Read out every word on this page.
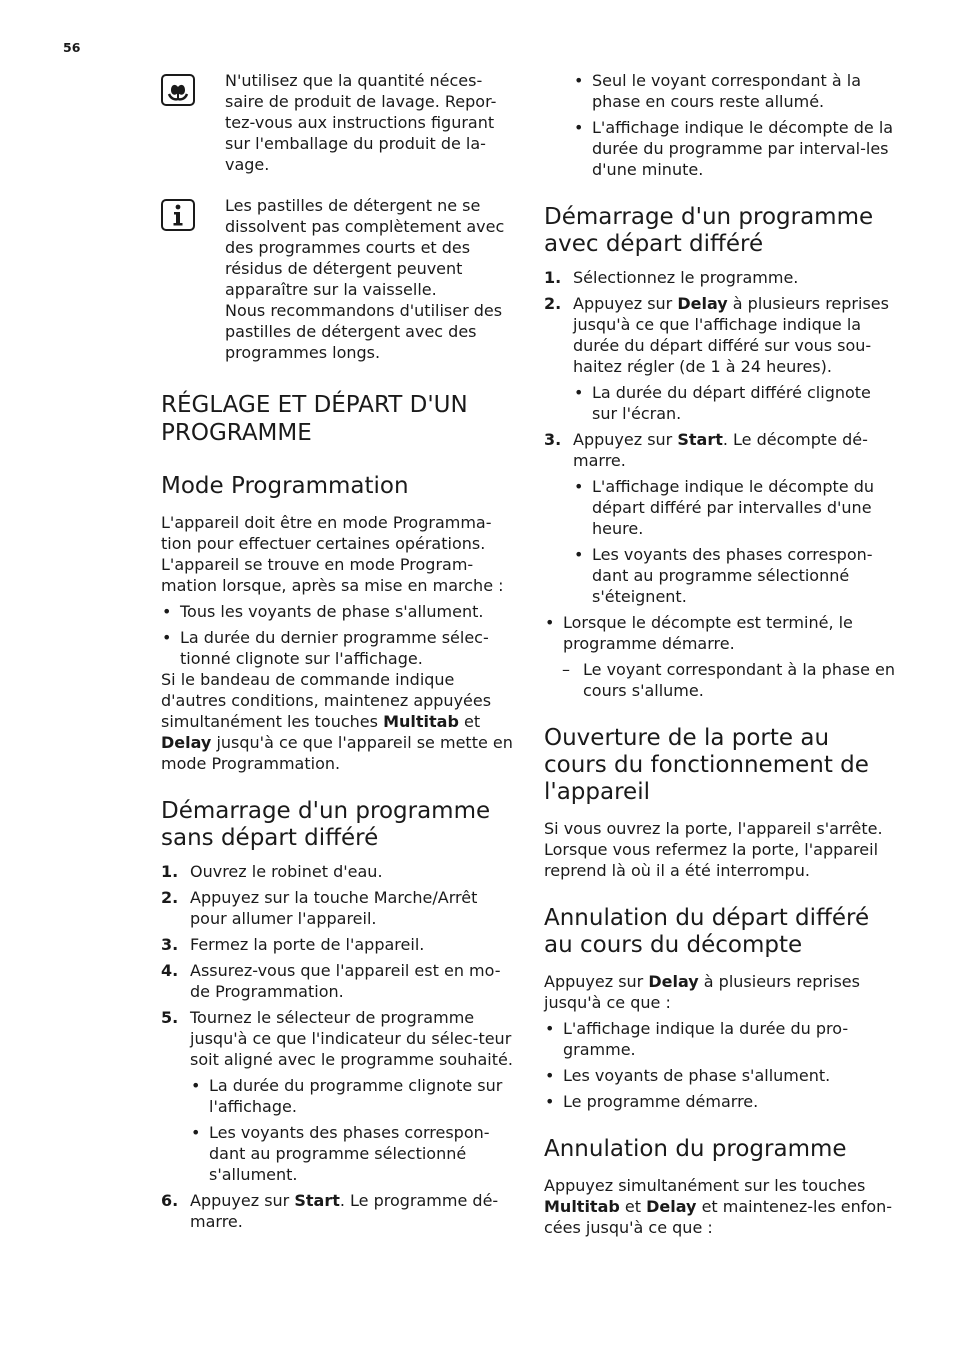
56

N'utilisez que la quantité néces-saire de produit de lavage. Repor-tez-vous aux instructions figurant sur l'emballage du produit de la-vage.

Les pastilles de détergent ne se dissolvent pas complètement avec des programmes courts et des résidus de détergent peuvent apparaître sur la vaisselle.

Nous recommandons d'utiliser des pastilles de détergent avec des programmes longs.

RÉGLAGE ET DÉPART D'UN PROGRAMME
Mode Programmation

L'appareil doit être en mode Programma-tion pour effectuer certaines opérations. L'appareil se trouve en mode Program-mation lorsque, après sa mise en marche :

• Tous les voyants de phase s'allument.
• La durée du dernier programme sélec-tionné clignote sur l'affichage.

Si le bandeau de commande indique d'autres conditions, maintenez appuyées simultanément les touches Multitab et Delay jusqu'à ce que l'appareil se mette en mode Programmation.

Démarrage d'un programme sans départ différé
1. Ouvrez le robinet d'eau.
2. Appuyez sur la touche Marche/Arrêt pour allumer l'appareil.
3. Fermez la porte de l'appareil.
4. Assurez-vous que l'appareil est en mo-de Programmation.
5. Tournez le sélecteur de programme jusqu'à ce que l'indicateur du sélec-teur soit aligné avec le programme souhaité.
• La durée du programme clignote sur l'affichage.
• Les voyants des phases correspon-dant au programme sélectionné s'allument.
6. Appuyez sur Start. Le programme dé-marre.
• Seul le voyant correspondant à la phase en cours reste allumé.
• L'affichage indique le décompte de la durée du programme par interval-les d'une minute.
Démarrage d'un programme avec départ différé
1. Sélectionnez le programme.
2. Appuyez sur Delay à plusieurs reprises jusqu'à ce que l'affichage indique la durée du départ différé sur vous sou-haitez régler (de 1 à 24 heures).
• La durée du départ différé clignote sur l'écran.
3. Appuyez sur Start. Le décompte dé-marre.
• L'affichage indique le décompte du départ différé par intervalles d'une heure.
• Les voyants des phases correspon-dant au programme sélectionné s'éteignent.
• Lorsque le décompte est terminé, le programme démarre.
– Le voyant correspondant à la phase en cours s'allume.
Ouverture de la porte au cours du fonctionnement de l'appareil

Si vous ouvrez la porte, l'appareil s'arrête. Lorsque vous refermez la porte, l'appareil reprend là où il a été interrompu.

Annulation du départ différé au cours du décompte

Appuyez sur Delay à plusieurs reprises jusqu'à ce que :

• L'affichage indique la durée du pro-gramme.
• Les voyants de phase s'allument.
• Le programme démarre.
Annulation du programme

Appuyez simultanément sur les touches Multitab et Delay et maintenez-les enfon-cées jusqu'à ce que :
